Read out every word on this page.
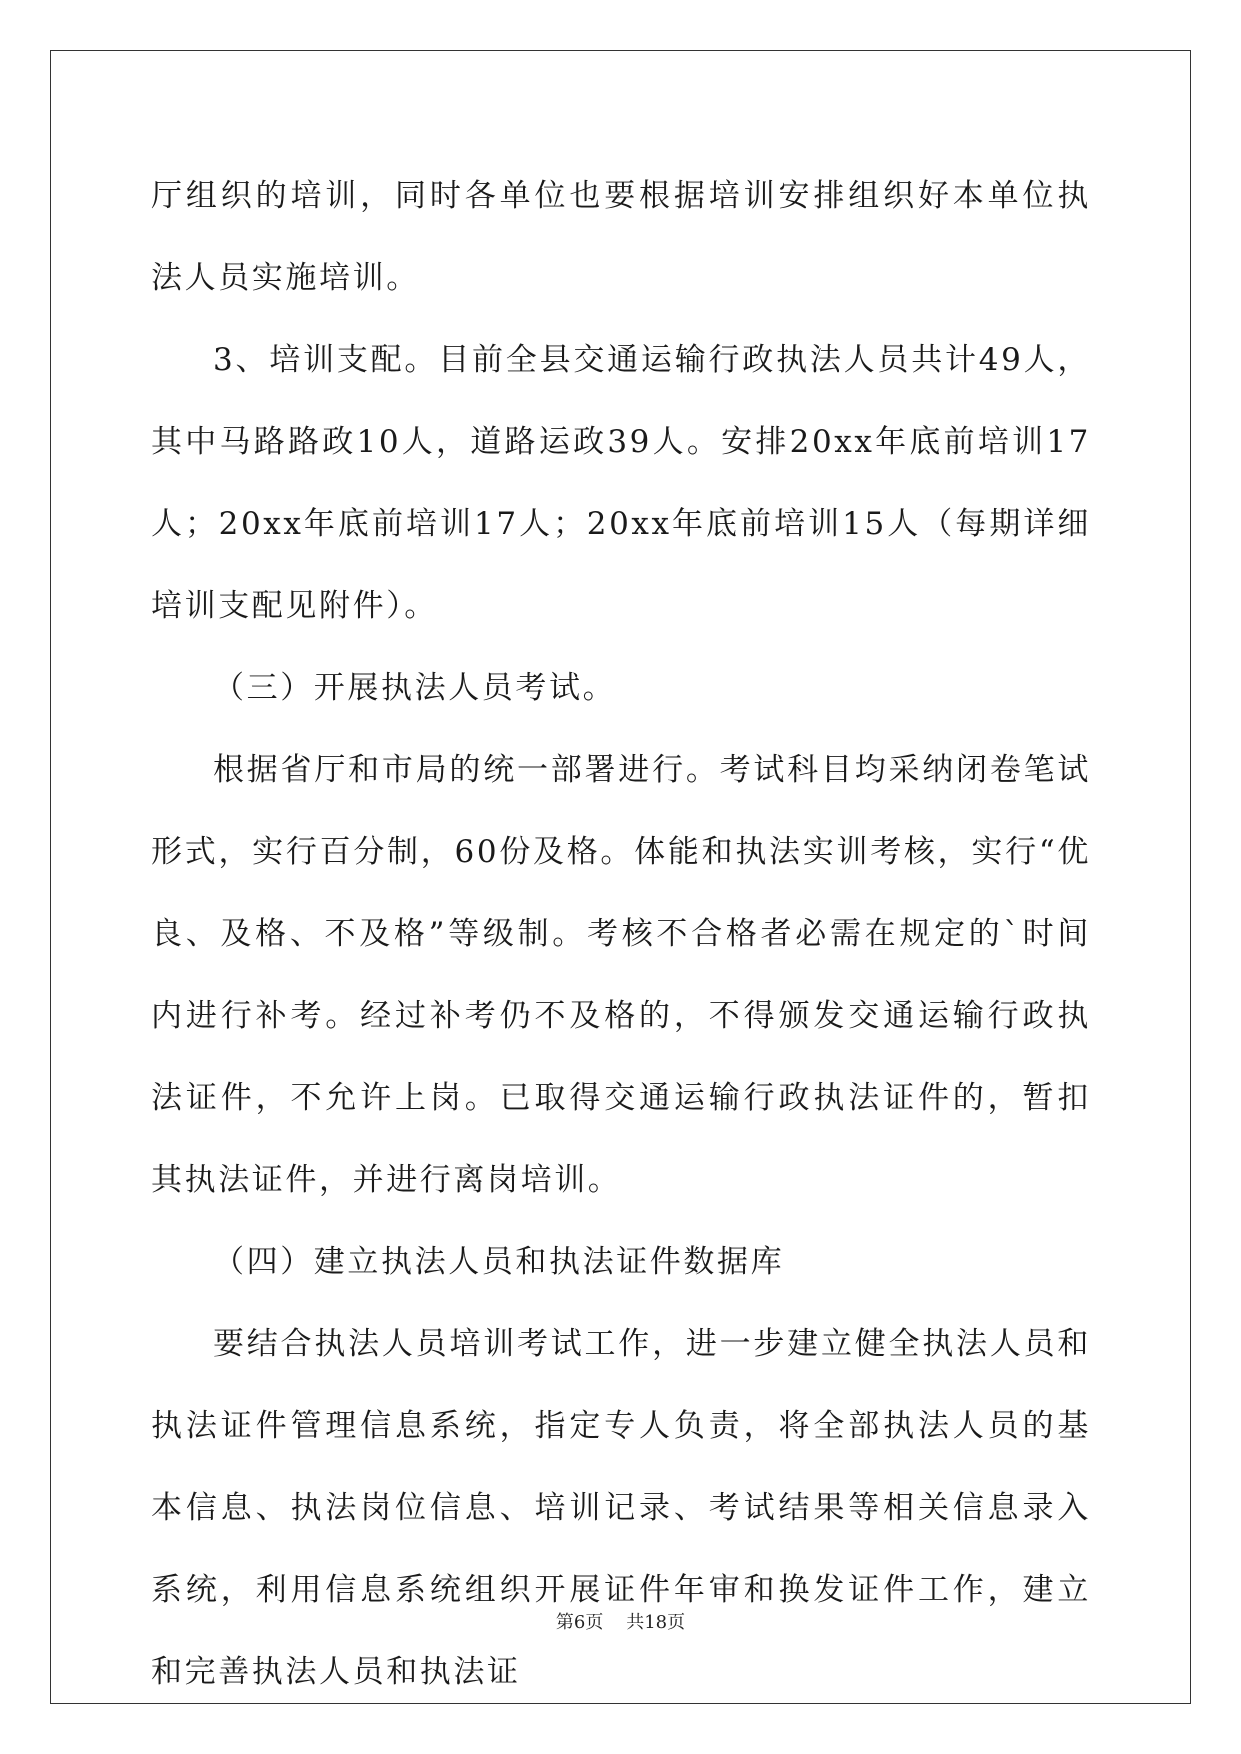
厅组织的培训，同时各单位也要根据培训安排组织好本单位执法人员实施培训。

3、培训支配。目前全县交通运输行政执法人员共计49人，其中马路路政10人，道路运政39人。安排20xx年底前培训17人；20xx年底前培训17人；20xx年底前培训15人（每期详细培训支配见附件）。

（三）开展执法人员考试。

根据省厅和市局的统一部署进行。考试科目均采纳闭卷笔试形式，实行百分制，60份及格。体能和执法实训考核，实行“优良、及格、不及格”等级制。考核不合格者必需在规定的`时间内进行补考。经过补考仍不及格的，不得颁发交通运输行政执法证件，不允许上岗。已取得交通运输行政执法证件的，暂扣其执法证件，并进行离岗培训。

（四）建立执法人员和执法证件数据库

要结合执法人员培训考试工作，进一步建立健全执法人员和执法证件管理信息系统，指定专人负责，将全部执法人员的基本信息、执法岗位信息、培训记录、考试结果等相关信息录入系统，利用信息系统组织开展证件年审和换发证件工作，建立和完善执法人员和执法证

第6页 共18页
